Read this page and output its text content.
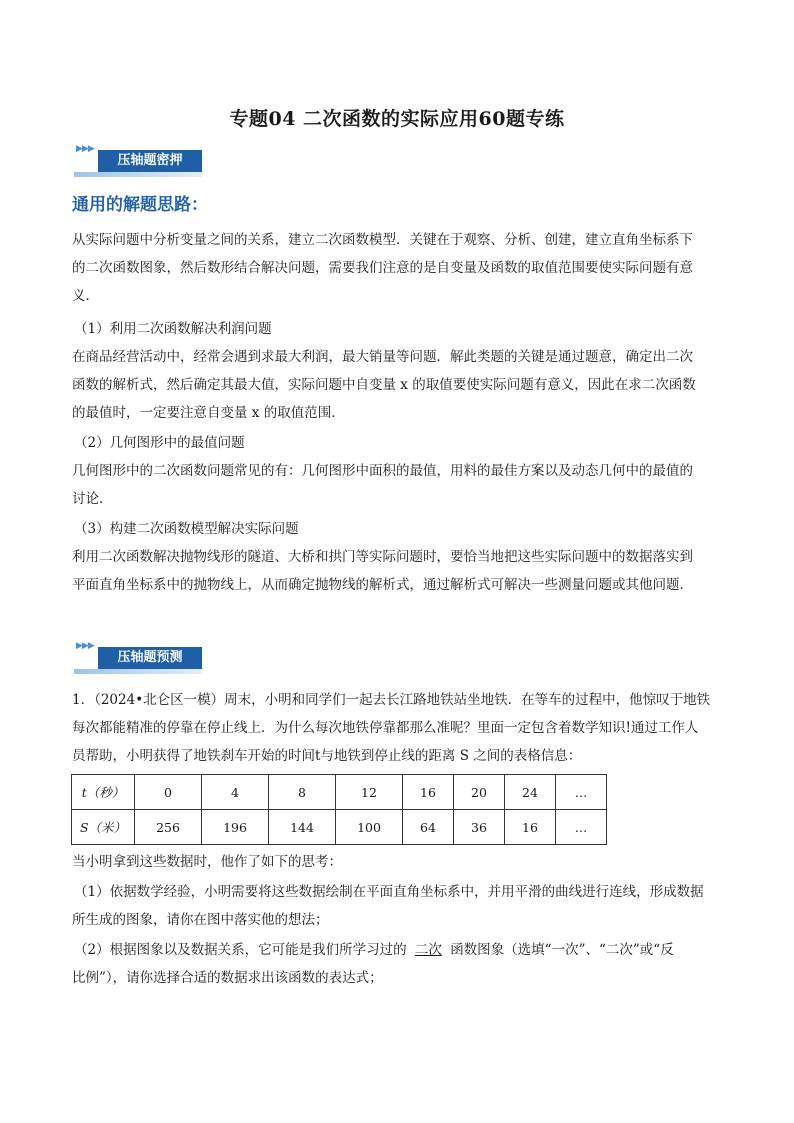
专题04 二次函数的实际应用60题专练
▶▶▶
压轴题密押
通用的解题思路：
从实际问题中分析变量之间的关系，建立二次函数模型．关键在于观察、分析、创建，建立直角坐标系下
的二次函数图象，然后数形结合解决问题，需要我们注意的是自变量及函数的取值范围要使实际问题有意
义．
（1）利用二次函数解决利润问题
在商品经营活动中，经常会遇到求最大利润，最大销量等问题．解此类题的关键是通过题意，确定出二次
函数的解析式，然后确定其最大值，实际问题中自变量 x 的取值要使实际问题有意义，因此在求二次函数
的最值时，一定要注意自变量 x 的取值范围．
（2）几何图形中的最值问题
几何图形中的二次函数问题常见的有：几何图形中面积的最值，用料的最佳方案以及动态几何中的最值的
讨论．
（3）构建二次函数模型解决实际问题
利用二次函数解决抛物线形的隧道、大桥和拱门等实际问题时，要恰当地把这些实际问题中的数据落实到
平面直角坐标系中的抛物线上，从而确定抛物线的解析式，通过解析式可解决一些测量问题或其他问题．
▶▶▶
压轴题预测
1．（2024•北仑区一模）周末，小明和同学们一起去长江路地铁站坐地铁．在等车的过程中，他惊叹于地铁
每次都能精准的停靠在停止线上．为什么每次地铁停靠都那么准呢？里面一定包含着数学知识!通过工作人
员帮助，小明获得了地铁刹车开始的时间t与地铁到停止线的距离 S 之间的表格信息：
t（秒）	0	4	8	12	16	20	24	…
S（米）	256	196	144	100	64	36	16	…
当小明拿到这些数据时，他作了如下的思考：
（1）依据数学经验，小明需要将这些数据绘制在平面直角坐标系中，并用平滑的曲线进行连线，形成数据
所生成的图象，请你在图中落实他的想法；
（2）根据图象以及数据关系，它可能是我们所学习过的 二次 函数图象（选填“一次”、“二次”或“反
比例”），请你选择合适的数据求出该函数的表达式；
